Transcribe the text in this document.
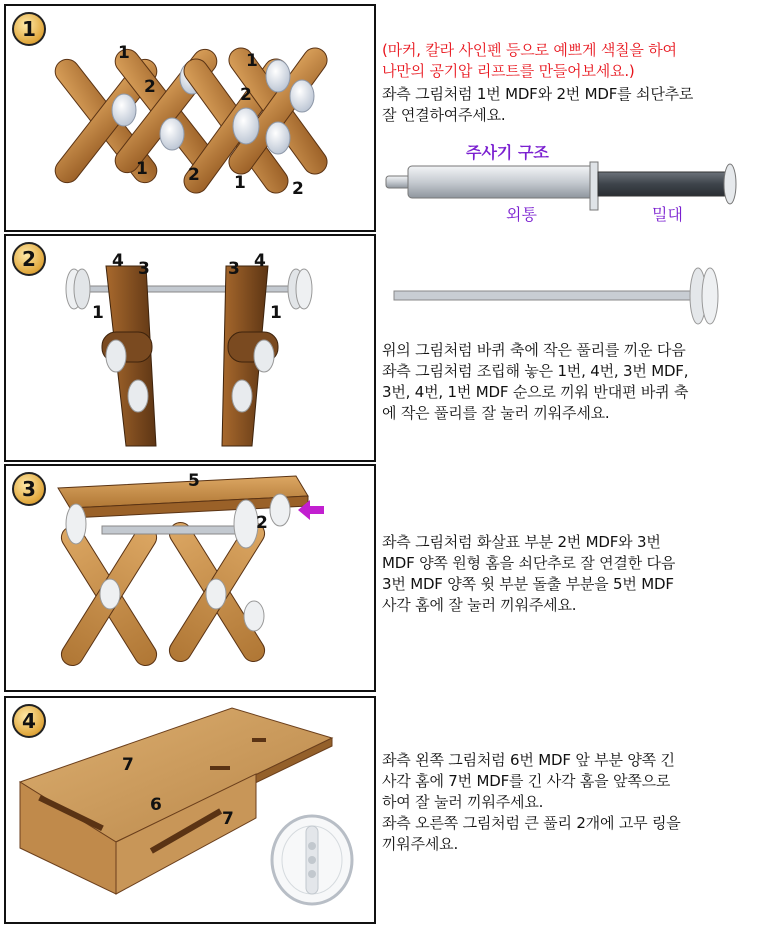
1
1
2
1 2
1
2
1	2
(마커, 칼라 사인펜 등으로 예쁘게 색칠을 하여
나만의 공기압 리프트를 만들어보세요.)
좌측 그림처럼 1번 MDF와 2번 MDF를 쇠단추로
잘 연결하여주세요.
주사기 구조
외통	밀대
2	4 3	3 4
1	1
위의 그림처럼 바퀴 축에 작은 풀리를 끼운 다음
좌측 그림처럼 조립해 놓은 1번, 4번, 3번 MDF,
3번, 4번, 1번 MDF 순으로 끼워 반대편 바퀴 축
에 작은 풀리를 잘 눌러 끼워주세요.
3	5
2
좌측 그림처럼 화살표 부분 2번 MDF와 3번
MDF 양쪽 원형 홈을 쇠단추로 잘 연결한 다음
3번 MDF 양쪽 윗 부분 돌출 부분을 5번 MDF
사각 홈에 잘 눌러 끼워주세요.
4
7
6
7
좌측 왼쪽 그림처럼 6번 MDF 앞 부분 양쪽 긴
사각 홈에 7번 MDF를 긴 사각 홈을 앞쪽으로
하여 잘 눌러 끼워주세요.
좌측 오른쪽 그림처럼 큰 풀리 2개에 고무 링을
끼워주세요.
